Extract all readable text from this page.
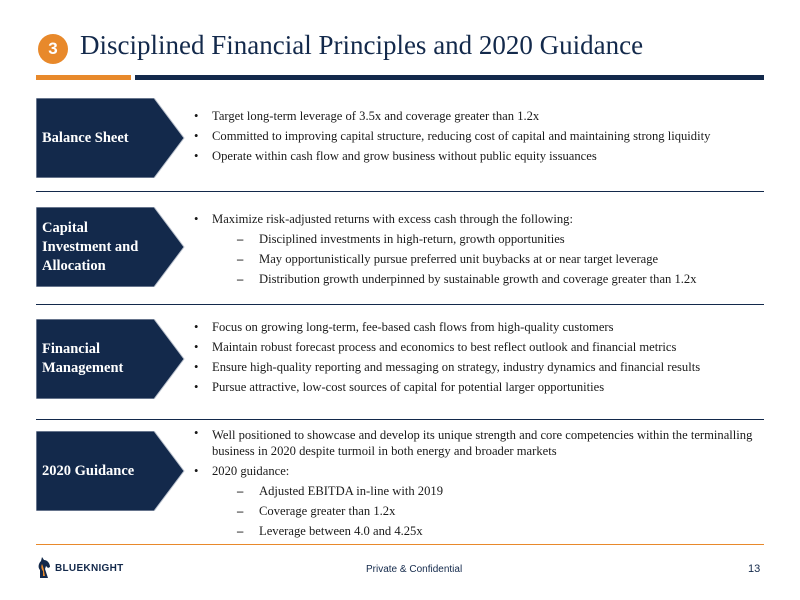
3 Disciplined Financial Principles and 2020 Guidance
Balance Sheet
• Target long-term leverage of 3.5x and coverage greater than 1.2x
• Committed to improving capital structure, reducing cost of capital and maintaining strong liquidity
• Operate within cash flow and grow business without public equity issuances
Capital
Investment and
Allocation
• Maximize risk-adjusted returns with excess cash through the following:
– Disciplined investments in high-return, growth opportunities
– May opportunistically pursue preferred unit buybacks at or near target leverage
– Distribution growth underpinned by sustainable growth and coverage greater than 1.2x
Financial
Management
• Focus on growing long-term, fee-based cash flows from high-quality customers
• Maintain robust forecast process and economics to best reflect outlook and financial metrics
• Ensure high-quality reporting and messaging on strategy, industry dynamics and financial results
• Pursue attractive, low-cost sources of capital for potential larger opportunities
2020 Guidance
• Well positioned to showcase and develop its unique strength and core competencies within the terminalling business in 2020 despite turmoil in both energy and broader markets
• 2020 guidance:
– Adjusted EBITDA in-line with 2019
– Coverage greater than 1.2x
– Leverage between 4.0 and 4.25x
BLUEKNIGHT	Private & Confidential	13
